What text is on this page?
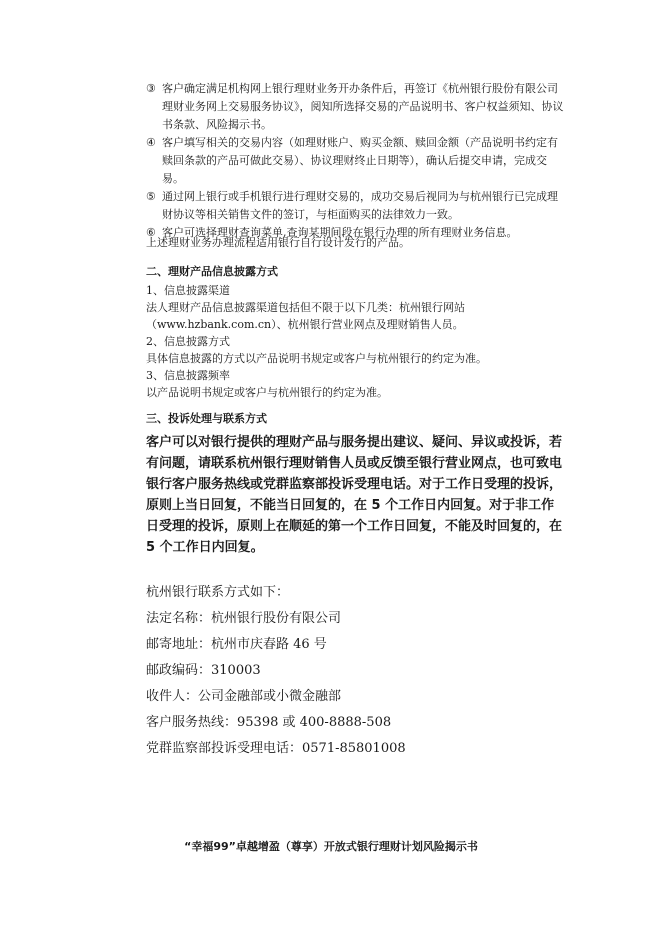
③ 客户确定满足机构网上银行理财业务开办条件后，再签订《杭州银行股份有限公司理财业务网上交易服务协议》，阅知所选择交易的产品说明书、客户权益须知、协议书条款、风险揭示书。

④ 客户填写相关的交易内容（如理财账户、购买金额、赎回金额（产品说明书约定有赎回条款的产品可做此交易）、协议理财终止日期等），确认后提交申请，完成交易。

⑤ 通过网上银行或手机银行进行理财交易的，成功交易后视同为与杭州银行已完成理财协议等相关销售文件的签订，与柜面购买的法律效力一致。

⑥ 客户可选择理财查询菜单,查询某期间段在银行办理的所有理财业务信息。

上述理财业务办理流程适用银行自行设计发行的产品。

二、理财产品信息披露方式

1、信息披露渠道

法人理财产品信息披露渠道包括但不限于以下几类：杭州银行网站

（www.hzbank.com.cn）、杭州银行营业网点及理财销售人员。

2、信息披露方式

具体信息披露的方式以产品说明书规定或客户与杭州银行的约定为准。

3、信息披露频率

以产品说明书规定或客户与杭州银行的约定为准。

三、投诉处理与联系方式

客户可以对银行提供的理财产品与服务提出建议、疑问、异议或投诉，若有问题，请联系杭州银行理财销售人员或反馈至银行营业网点，也可致电银行客户服务热线或党群监察部投诉受理电话。对于工作日受理的投诉，原则上当日回复，不能当日回复的，在 5 个工作日内回复。对于非工作日受理的投诉，原则上在顺延的第一个工作日回复，不能及时回复的，在 5 个工作日内回复。

杭州银行联系方式如下：

法定名称：杭州银行股份有限公司

邮寄地址：杭州市庆春路 46 号

邮政编码：310003

收件人：公司金融部或小微金融部

客户服务热线：95398 或 400-8888-508

党群监察部投诉受理电话：0571-85801008

“幸福99”卓越增盈（尊享）开放式银行理财计划风险揭示书
